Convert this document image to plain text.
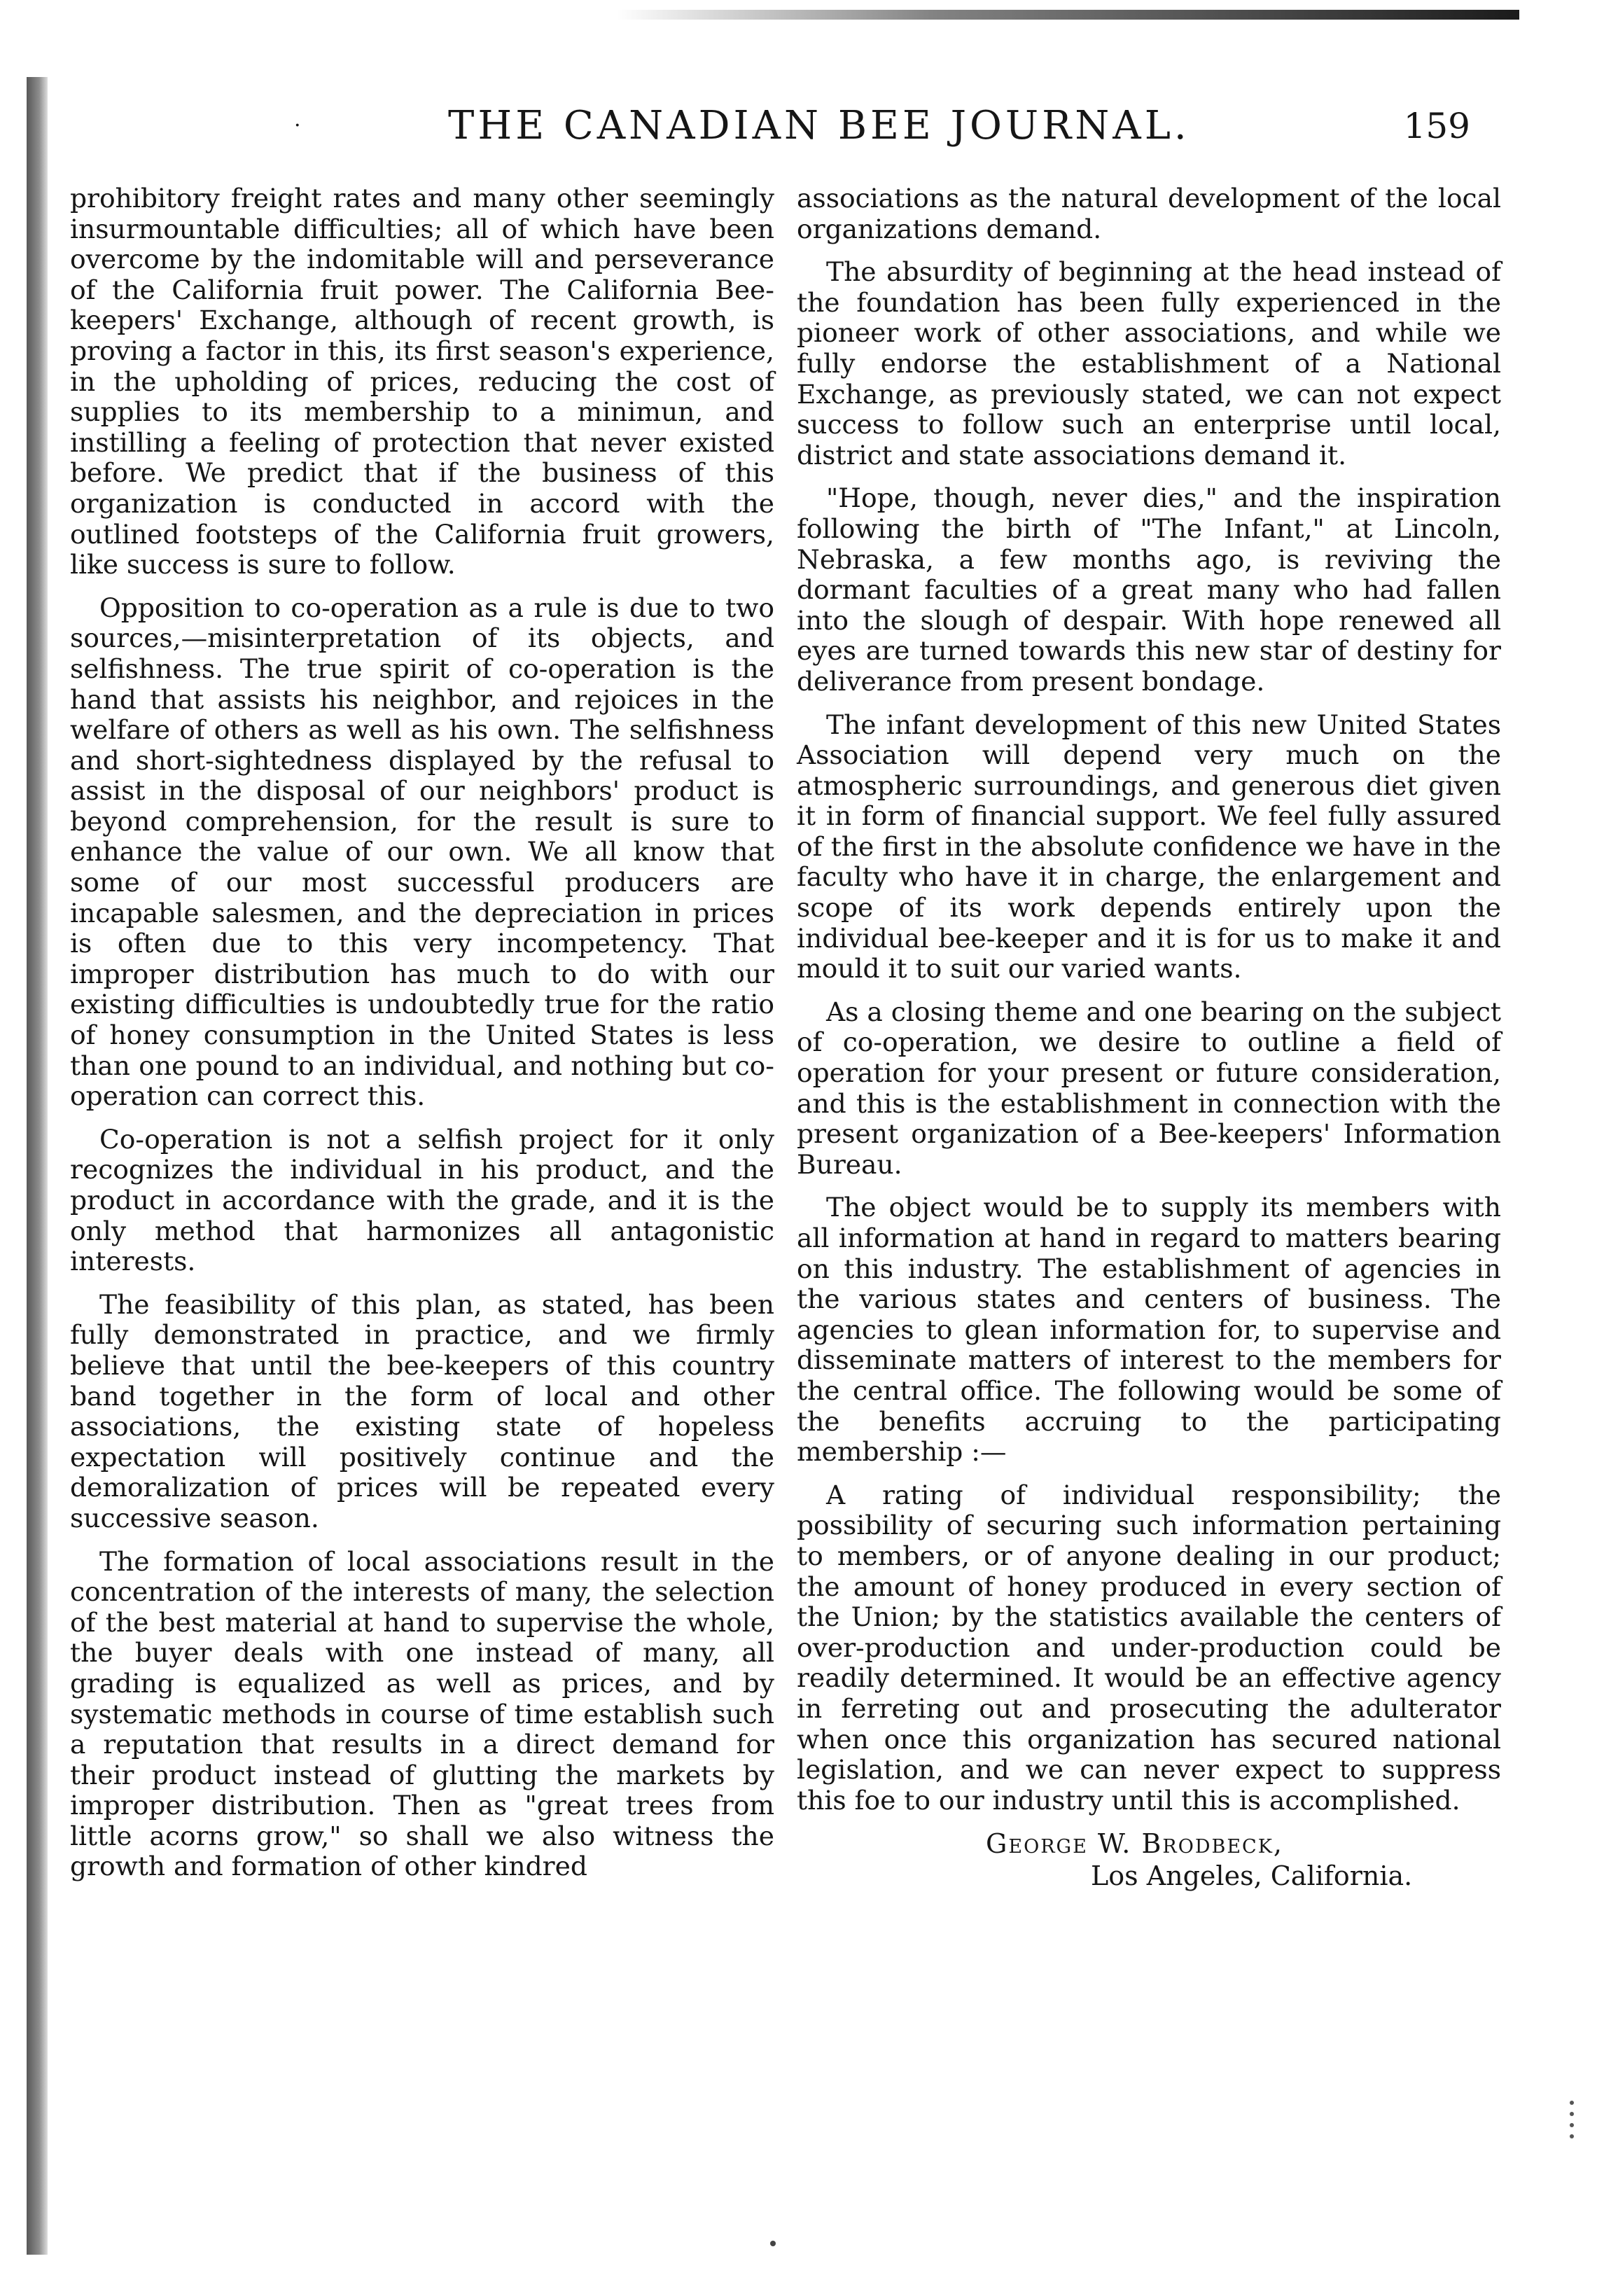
·	THE CANADIAN BEE JOURNAL.	159

prohibitory freight rates and many other seemingly insurmountable difficulties; all of which have been overcome by the indomitable will and perseverance of the California fruit power. The California Bee-keepers' Exchange, although of recent growth, is proving a factor in this, its first season's experience, in the upholding of prices, reducing the cost of supplies to its membership to a minimun, and instilling a feeling of protection that never existed before. We predict that if the business of this organization is conducted in accord with the outlined footsteps of the California fruit growers, like success is sure to follow.

Opposition to co-operation as a rule is due to two sources,—misinterpretation of its objects, and selfishness. The true spirit of co-operation is the hand that assists his neighbor, and rejoices in the welfare of others as well as his own. The selfishness and short-sightedness displayed by the refusal to assist in the disposal of our neighbors' product is beyond comprehension, for the result is sure to enhance the value of our own. We all know that some of our most successful producers are incapable salesmen, and the depreciation in prices is often due to this very incompetency. That improper distribution has much to do with our existing difficulties is undoubtedly true for the ratio of honey consumption in the United States is less than one pound to an individual, and nothing but co-operation can correct this.

Co-operation is not a selfish project for it only recognizes the individual in his product, and the product in accordance with the grade, and it is the only method that harmonizes all antagonistic interests.

The feasibility of this plan, as stated, has been fully demonstrated in practice, and we firmly believe that until the bee-keepers of this country band together in the form of local and other associations, the existing state of hopeless expectation will positively continue and the demoralization of prices will be repeated every successive season.

The formation of local associations result in the concentration of the interests of many, the selection of the best material at hand to supervise the whole, the buyer deals with one instead of many, all grading is equalized as well as prices, and by systematic methods in course of time establish such a reputation that results in a direct demand for their product instead of glutting the markets by improper distribution. Then as "great trees from little acorns grow," so shall we also witness the growth and formation of other kindred

associations as the natural development of the local organizations demand.

The absurdity of beginning at the head instead of the foundation has been fully experienced in the pioneer work of other associations, and while we fully endorse the establishment of a National Exchange, as previously stated, we can not expect success to follow such an enterprise until local, district and state associations demand it.

"Hope, though, never dies," and the inspiration following the birth of "The Infant," at Lincoln, Nebraska, a few months ago, is reviving the dormant faculties of a great many who had fallen into the slough of despair. With hope renewed all eyes are turned towards this new star of destiny for deliverance from present bondage.

The infant development of this new United States Association will depend very much on the atmospheric surroundings, and generous diet given it in form of financial support. We feel fully assured of the first in the absolute confidence we have in the faculty who have it in charge, the enlargement and scope of its work depends entirely upon the individual bee-keeper and it is for us to make it and mould it to suit our varied wants.

As a closing theme and one bearing on the subject of co-operation, we desire to outline a field of operation for your present or future consideration, and this is the establishment in connection with the present organization of a Bee-keepers' Information Bureau.

The object would be to supply its members with all information at hand in regard to matters bearing on this industry. The establishment of agencies in the various states and centers of business. The agencies to glean information for, to supervise and disseminate matters of interest to the members for the central office. The following would be some of the benefits accruing to the participating membership :—

A rating of individual responsibility; the possibility of securing such information pertaining to members, or of anyone dealing in our product; the amount of honey produced in every section of the Union; by the statistics available the centers of over-production and under-production could be readily determined. It would be an effective agency in ferreting out and prosecuting the adulterator when once this organization has secured national legislation, and we can never expect to suppress this foe to our industry until this is accomplished.

George W. Brodbeck,
Los Angeles, California.
